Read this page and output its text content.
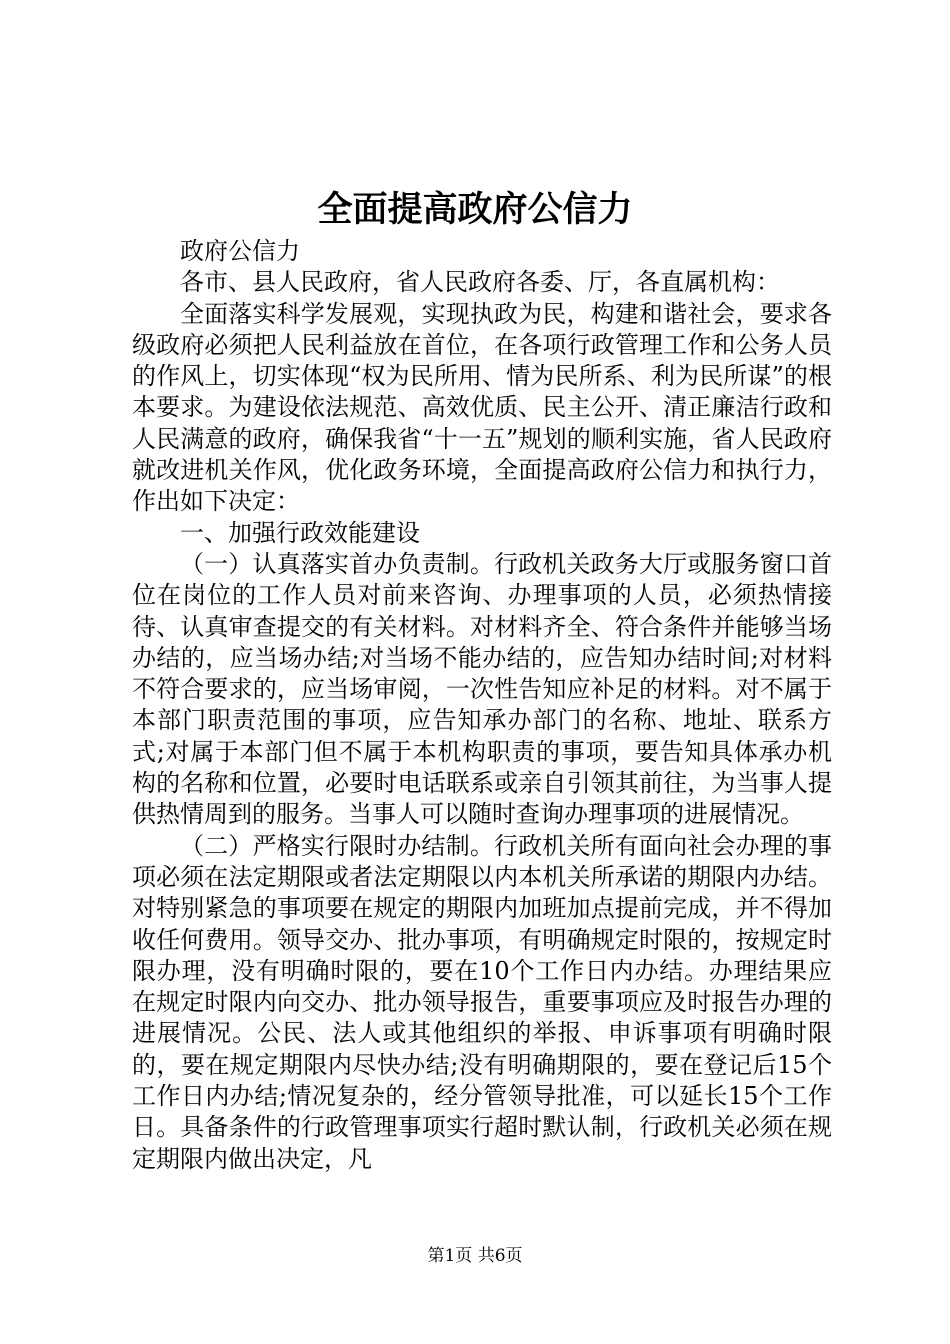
全面提高政府公信力

政府公信力

各市、县人民政府，省人民政府各委、厅，各直属机构：

全面落实科学发展观，实现执政为民，构建和谐社会，要求各级政府必须把人民利益放在首位，在各项行政管理工作和公务人员的作风上，切实体现“权为民所用、情为民所系、利为民所谋”的根本要求。为建设依法规范、高效优质、民主公开、清正廉洁行政和人民满意的政府，确保我省“十一五”规划的顺利实施，省人民政府就改进机关作风，优化政务环境，全面提高政府公信力和执行力，作出如下决定：

一、加强行政效能建设

（一）认真落实首办负责制。行政机关政务大厅或服务窗口首位在岗位的工作人员对前来咨询、办理事项的人员，必须热情接待、认真审查提交的有关材料。对材料齐全、符合条件并能够当场办结的，应当场办结;对当场不能办结的，应告知办结时间;对材料不符合要求的，应当场审阅，一次性告知应补足的材料。对不属于本部门职责范围的事项，应告知承办部门的名称、地址、联系方式;对属于本部门但不属于本机构职责的事项，要告知具体承办机构的名称和位置，必要时电话联系或亲自引领其前往，为当事人提供热情周到的服务。当事人可以随时查询办理事项的进展情况。

（二）严格实行限时办结制。行政机关所有面向社会办理的事项必须在法定期限或者法定期限以内本机关所承诺的期限内办结。对特别紧急的事项要在规定的期限内加班加点提前完成，并不得加收任何费用。领导交办、批办事项，有明确规定时限的，按规定时限办理，没有明确时限的，要在10个工作日内办结。办理结果应在规定时限内向交办、批办领导报告，重要事项应及时报告办理的进展情况。公民、法人或其他组织的举报、申诉事项有明确时限的，要在规定期限内尽快办结;没有明确期限的，要在登记后15个工作日内办结;情况复杂的，经分管领导批准，可以延长15个工作日。具备条件的行政管理事项实行超时默认制，行政机关必须在规定期限内做出决定，凡

第1页 共6页
